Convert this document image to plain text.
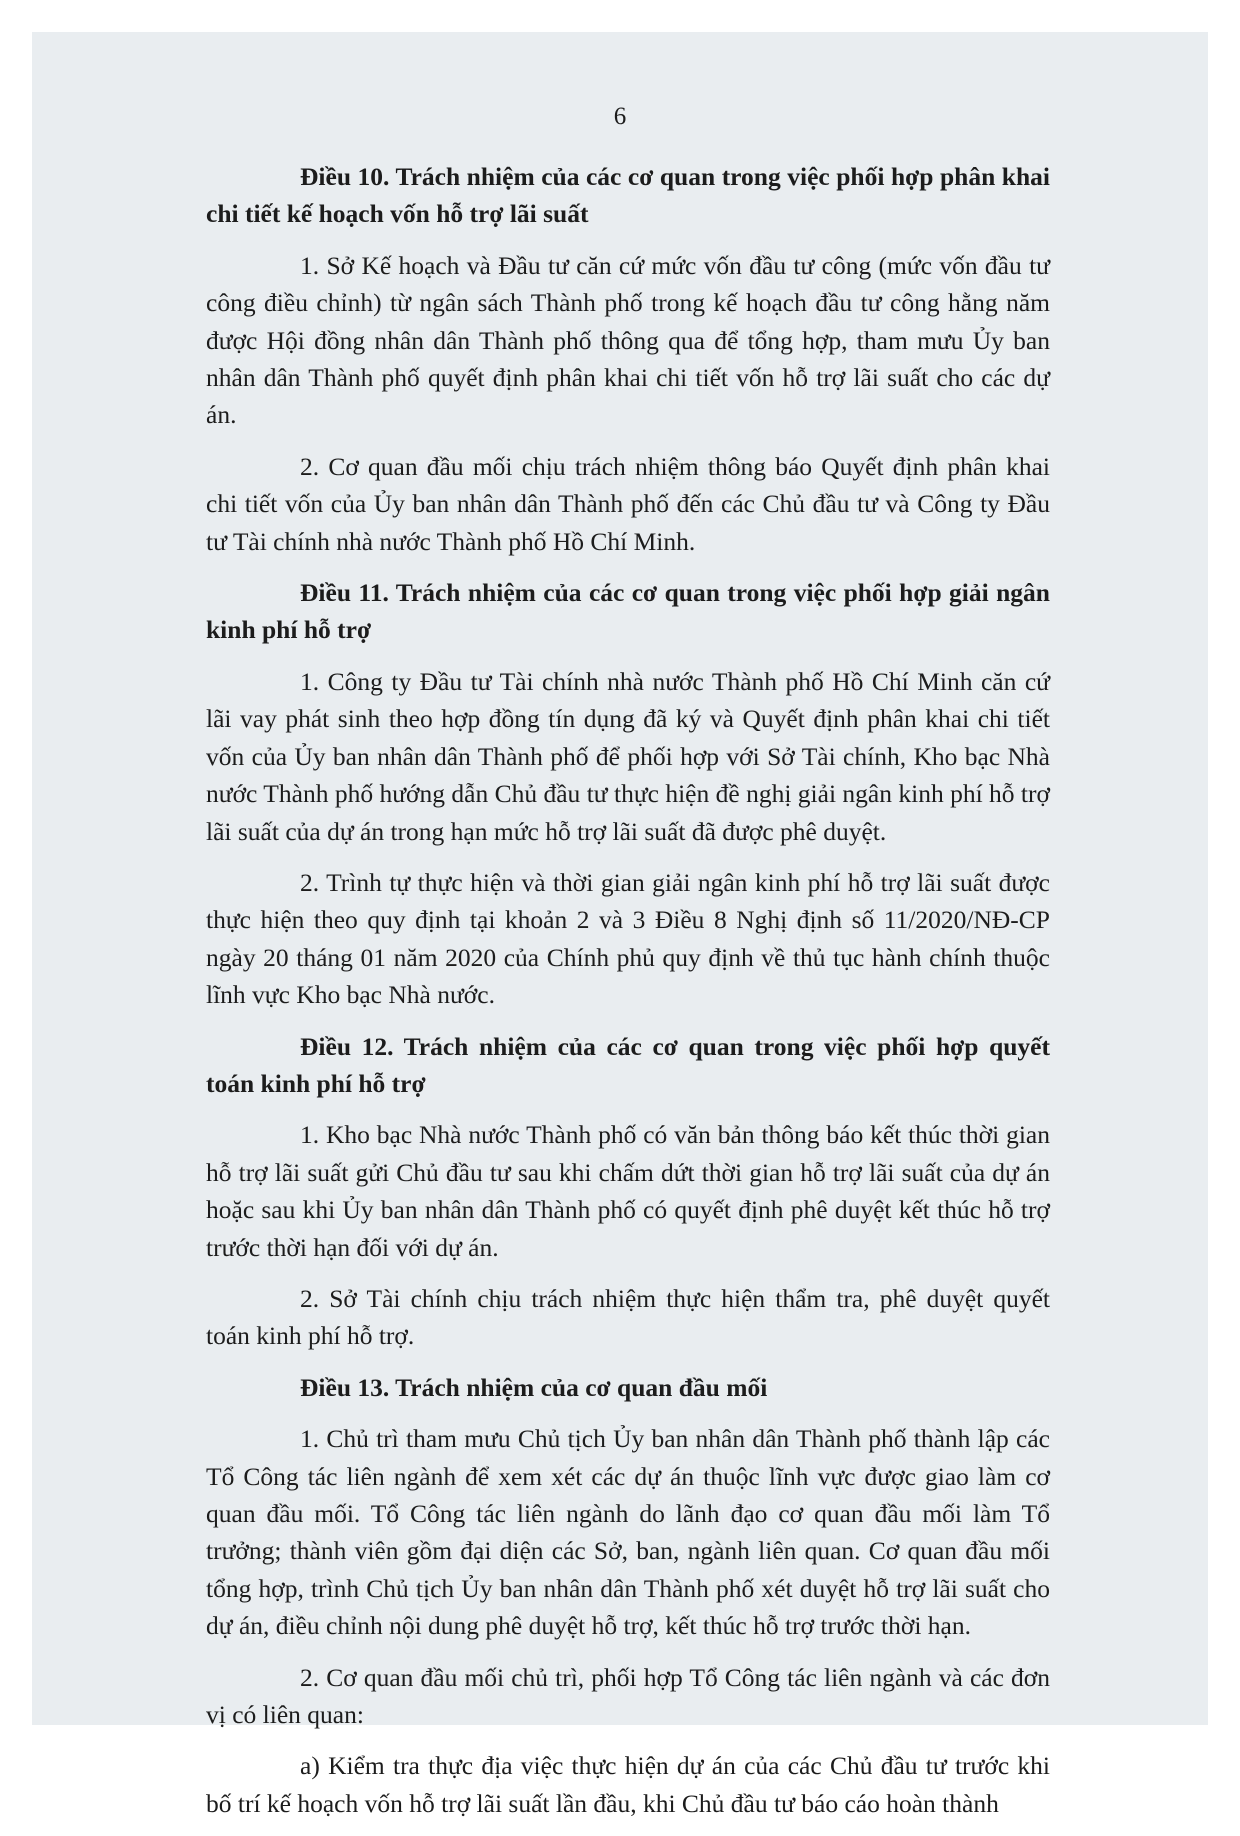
6

Điều 10. Trách nhiệm của các cơ quan trong việc phối hợp phân khai chi tiết kế hoạch vốn hỗ trợ lãi suất

1. Sở Kế hoạch và Đầu tư căn cứ mức vốn đầu tư công (mức vốn đầu tư công điều chỉnh) từ ngân sách Thành phố trong kế hoạch đầu tư công hằng năm được Hội đồng nhân dân Thành phố thông qua để tổng hợp, tham mưu Ủy ban nhân dân Thành phố quyết định phân khai chi tiết vốn hỗ trợ lãi suất cho các dự án.

2. Cơ quan đầu mối chịu trách nhiệm thông báo Quyết định phân khai chi tiết vốn của Ủy ban nhân dân Thành phố đến các Chủ đầu tư và Công ty Đầu tư Tài chính nhà nước Thành phố Hồ Chí Minh.

Điều 11. Trách nhiệm của các cơ quan trong việc phối hợp giải ngân kinh phí hỗ trợ

1. Công ty Đầu tư Tài chính nhà nước Thành phố Hồ Chí Minh căn cứ lãi vay phát sinh theo hợp đồng tín dụng đã ký và Quyết định phân khai chi tiết vốn của Ủy ban nhân dân Thành phố để phối hợp với Sở Tài chính, Kho bạc Nhà nước Thành phố hướng dẫn Chủ đầu tư thực hiện đề nghị giải ngân kinh phí hỗ trợ lãi suất của dự án trong hạn mức hỗ trợ lãi suất đã được phê duyệt.

2. Trình tự thực hiện và thời gian giải ngân kinh phí hỗ trợ lãi suất được thực hiện theo quy định tại khoản 2 và 3 Điều 8 Nghị định số 11/2020/NĐ-CP ngày 20 tháng 01 năm 2020 của Chính phủ quy định về thủ tục hành chính thuộc lĩnh vực Kho bạc Nhà nước.

Điều 12. Trách nhiệm của các cơ quan trong việc phối hợp quyết toán kinh phí hỗ trợ

1. Kho bạc Nhà nước Thành phố có văn bản thông báo kết thúc thời gian hỗ trợ lãi suất gửi Chủ đầu tư sau khi chấm dứt thời gian hỗ trợ lãi suất của dự án hoặc sau khi Ủy ban nhân dân Thành phố có quyết định phê duyệt kết thúc hỗ trợ trước thời hạn đối với dự án.

2. Sở Tài chính chịu trách nhiệm thực hiện thẩm tra, phê duyệt quyết toán kinh phí hỗ trợ.

Điều 13. Trách nhiệm của cơ quan đầu mối

1. Chủ trì tham mưu Chủ tịch Ủy ban nhân dân Thành phố thành lập các Tổ Công tác liên ngành để xem xét các dự án thuộc lĩnh vực được giao làm cơ quan đầu mối. Tổ Công tác liên ngành do lãnh đạo cơ quan đầu mối làm Tổ trưởng; thành viên gồm đại diện các Sở, ban, ngành liên quan. Cơ quan đầu mối tổng hợp, trình Chủ tịch Ủy ban nhân dân Thành phố xét duyệt hỗ trợ lãi suất cho dự án, điều chỉnh nội dung phê duyệt hỗ trợ, kết thúc hỗ trợ trước thời hạn.

2. Cơ quan đầu mối chủ trì, phối hợp Tổ Công tác liên ngành và các đơn vị có liên quan:

a) Kiểm tra thực địa việc thực hiện dự án của các Chủ đầu tư trước khi bố trí kế hoạch vốn hỗ trợ lãi suất lần đầu, khi Chủ đầu tư báo cáo hoàn thành
